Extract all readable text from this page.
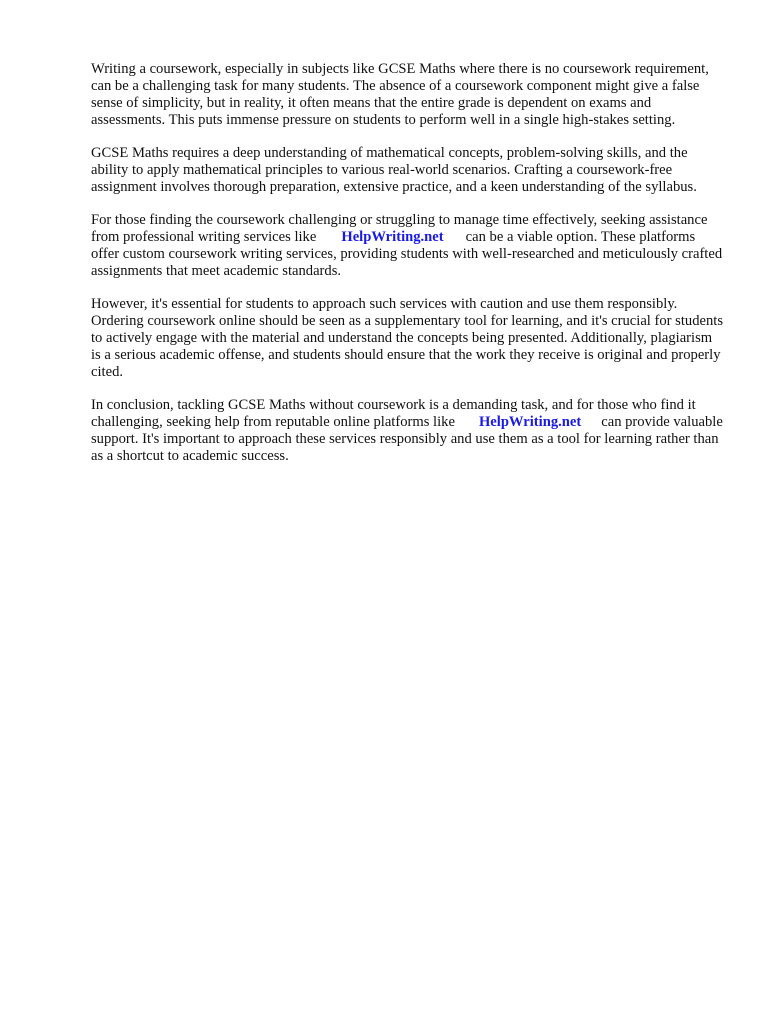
Writing a coursework, especially in subjects like GCSE Maths where there is no coursework requirement, can be a challenging task for many students. The absence of a coursework component might give a false sense of simplicity, but in reality, it often means that the entire grade is dependent on exams and assessments. This puts immense pressure on students to perform well in a single high-stakes setting.

GCSE Maths requires a deep understanding of mathematical concepts, problem-solving skills, and the ability to apply mathematical principles to various real-world scenarios. Crafting a coursework-free assignment involves thorough preparation, extensive practice, and a keen understanding of the syllabus.

For those finding the coursework challenging or struggling to manage time effectively, seeking assistance from professional writing services like HelpWriting.net can be a viable option. These platforms offer custom coursework writing services, providing students with well-researched and meticulously crafted assignments that meet academic standards.

However, it's essential for students to approach such services with caution and use them responsibly. Ordering coursework online should be seen as a supplementary tool for learning, and it's crucial for students to actively engage with the material and understand the concepts being presented. Additionally, plagiarism is a serious academic offense, and students should ensure that the work they receive is original and properly cited.

In conclusion, tackling GCSE Maths without coursework is a demanding task, and for those who find it challenging, seeking help from reputable online platforms like HelpWriting.net can provide valuable support. It's important to approach these services responsibly and use them as a tool for learning rather than as a shortcut to academic success.
